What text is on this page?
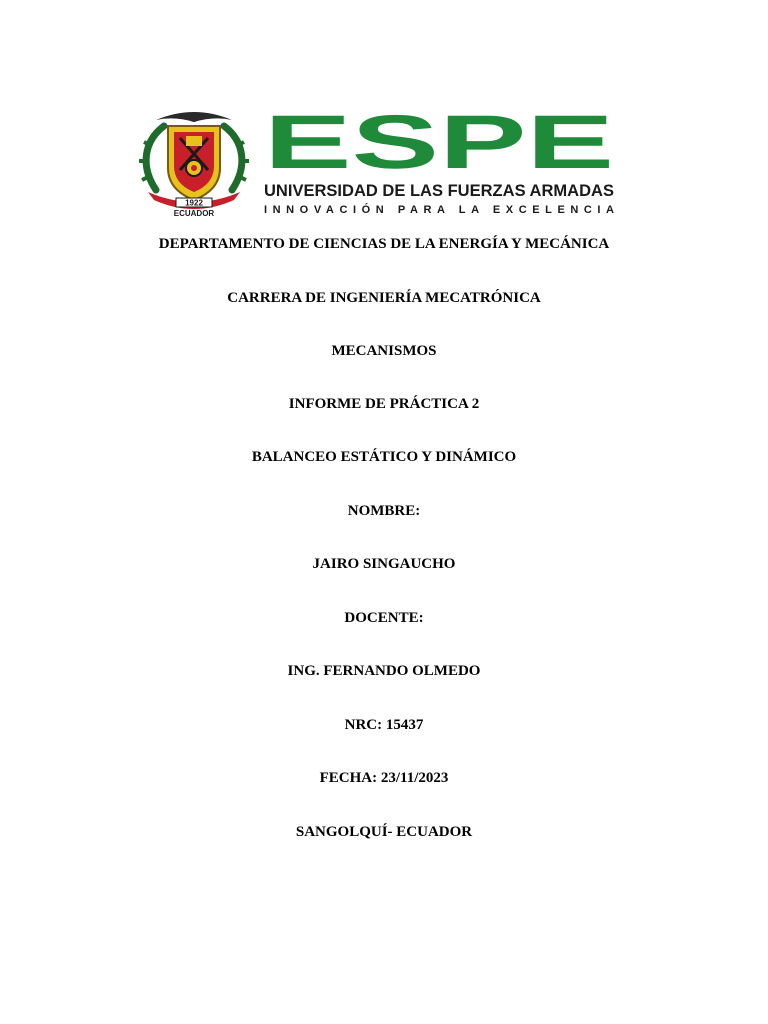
1922
ECUADOR
ESPE
UNIVERSIDAD DE LAS FUERZAS ARMADAS
INNOVACIÓN PARA LA EXCELENCIA
DEPARTAMENTO DE CIENCIAS DE LA ENERGÍA Y MECÁNICA
CARRERA DE INGENIERÍA MECATRÓNICA
MECANISMOS
INFORME DE PRÁCTICA 2
BALANCEO ESTÁTICO Y DINÁMICO
NOMBRE:
JAIRO SINGAUCHO
DOCENTE:
ING. FERNANDO OLMEDO
NRC: 15437
FECHA: 23/11/2023
SANGOLQUÍ- ECUADOR
